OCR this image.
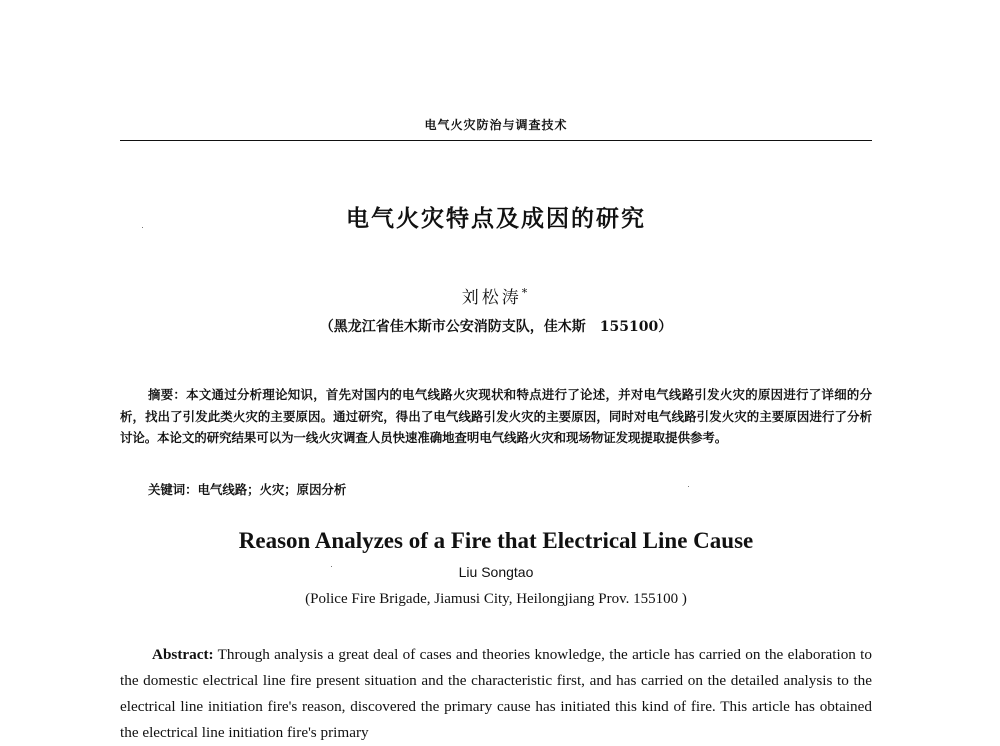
电气火灾防治与调查技术
电气火灾特点及成因的研究
刘松涛*
（黑龙江省佳木斯市公安消防支队，佳木斯　155100）

摘要：本文通过分析理论知识，首先对国内的电气线路火灾现状和特点进行了论述，并对电气线路引发火灾的原因进行了详细的分析，找出了引发此类火灾的主要原因。通过研究，得出了电气线路引发火灾的主要原因，同时对电气线路引发火灾的主要原因进行了分析讨论。本论文的研究结果可以为一线火灾调查人员快速准确地查明电气线路火灾和现场物证发现提取提供参考。

关键词：电气线路；火灾；原因分析

Reason Analyzes of a Fire that Electrical Line Cause
Liu Songtao
(Police Fire Brigade, Jiamusi City, Heilongjiang Prov. 155100 )

Abstract: Through analysis a great deal of cases and theories knowledge, the article has carried on the elaboration to the domestic electrical line fire present situation and the characteristic first, and has carried on the detailed analysis to the electrical line initiation fire's reason, discovered the primary cause has initiated this kind of fire. This article has obtained the electrical line initiation fire's primary
